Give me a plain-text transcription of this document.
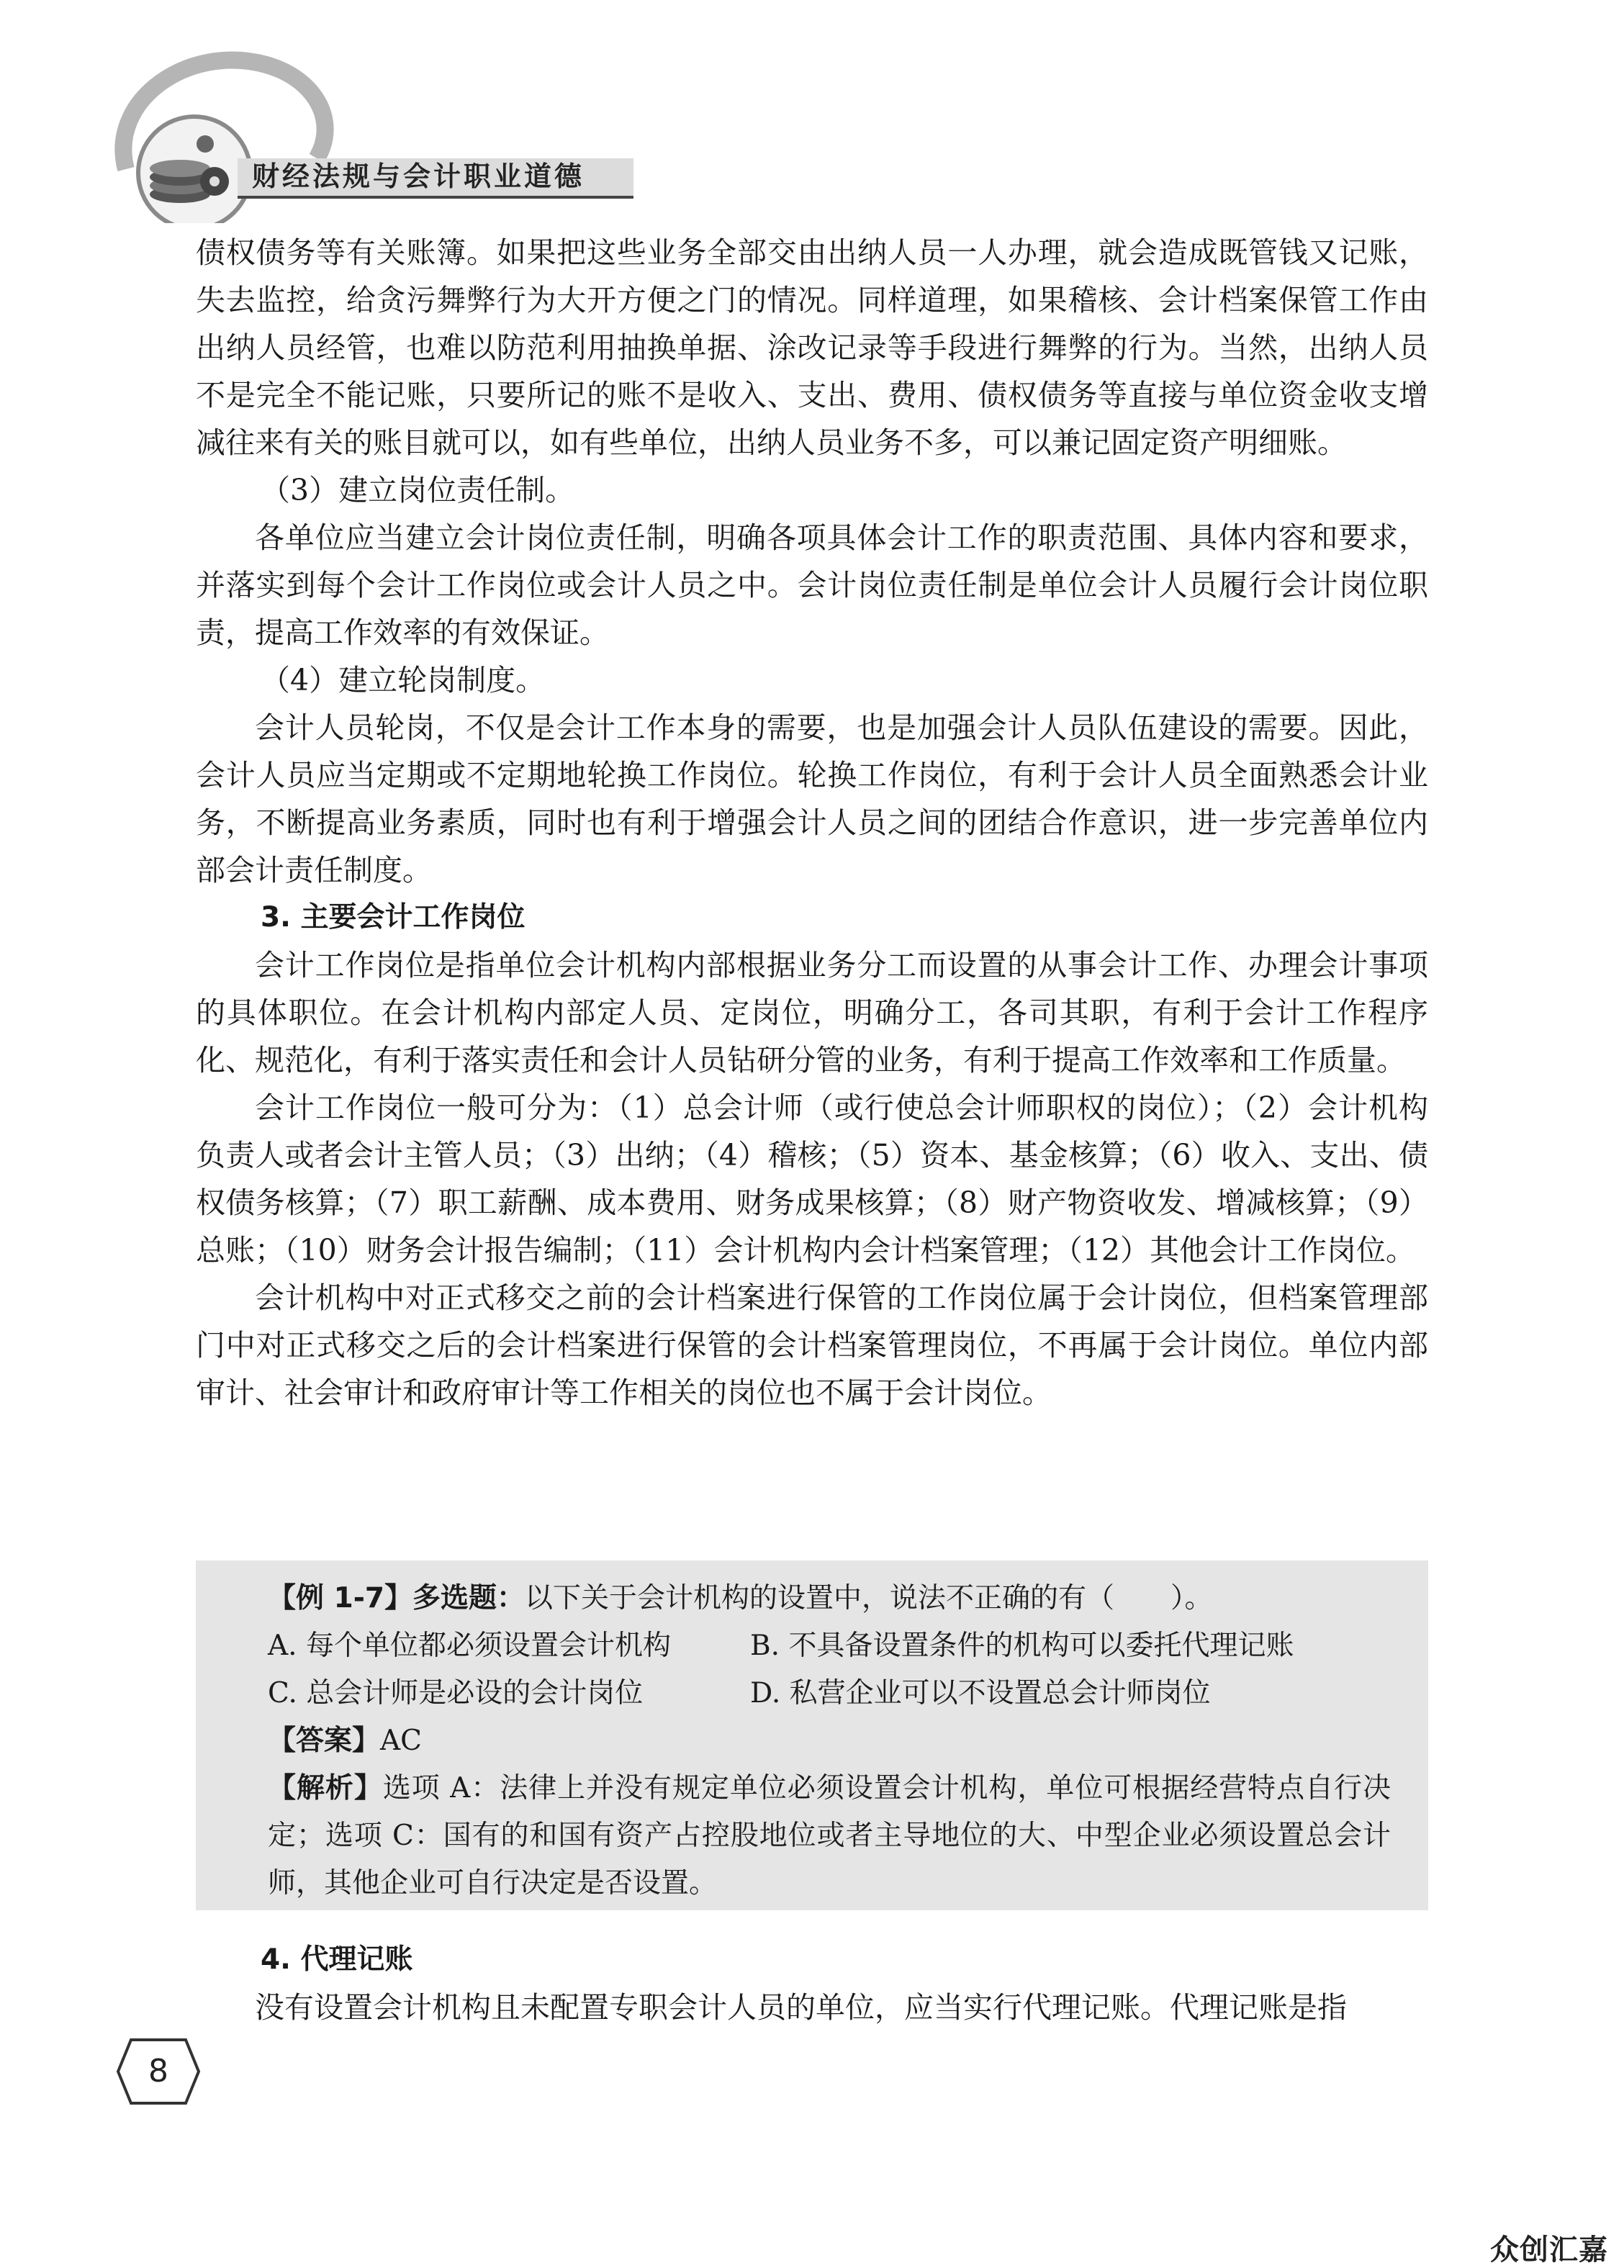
财经法规与会计职业道德

债权债务等有关账簿。如果把这些业务全部交由出纳人员一人办理，就会造成既管钱又记账，失去监控，给贪污舞弊行为大开方便之门的情况。同样道理，如果稽核、会计档案保管工作由出纳人员经管，也难以防范利用抽换单据、涂改记录等手段进行舞弊的行为。当然，出纳人员不是完全不能记账，只要所记的账不是收入、支出、费用、债权债务等直接与单位资金收支增减往来有关的账目就可以，如有些单位，出纳人员业务不多，可以兼记固定资产明细账。

（3）建立岗位责任制。

各单位应当建立会计岗位责任制，明确各项具体会计工作的职责范围、具体内容和要求，并落实到每个会计工作岗位或会计人员之中。会计岗位责任制是单位会计人员履行会计岗位职责，提高工作效率的有效保证。

（4）建立轮岗制度。

会计人员轮岗，不仅是会计工作本身的需要，也是加强会计人员队伍建设的需要。因此，会计人员应当定期或不定期地轮换工作岗位。轮换工作岗位，有利于会计人员全面熟悉会计业务，不断提高业务素质，同时也有利于增强会计人员之间的团结合作意识，进一步完善单位内部会计责任制度。

3. 主要会计工作岗位

会计工作岗位是指单位会计机构内部根据业务分工而设置的从事会计工作、办理会计事项的具体职位。在会计机构内部定人员、定岗位，明确分工，各司其职，有利于会计工作程序化、规范化，有利于落实责任和会计人员钻研分管的业务，有利于提高工作效率和工作质量。

会计工作岗位一般可分为：（1）总会计师（或行使总会计师职权的岗位）；（2）会计机构负责人或者会计主管人员；（3）出纳；（4）稽核；（5）资本、基金核算；（6）收入、支出、债权债务核算；（7）职工薪酬、成本费用、财务成果核算；（8）财产物资收发、增减核算；（9）总账；（10）财务会计报告编制；（11）会计机构内会计档案管理；（12）其他会计工作岗位。

会计机构中对正式移交之前的会计档案进行保管的工作岗位属于会计岗位，但档案管理部门中对正式移交之后的会计档案进行保管的会计档案管理岗位，不再属于会计岗位。单位内部审计、社会审计和政府审计等工作相关的岗位也不属于会计岗位。

【例 1-7】多选题：以下关于会计机构的设置中，说法不正确的有（　　）。

A. 每个单位都必须设置会计机构	B. 不具备设置条件的机构可以委托代理记账

C. 总会计师是必设的会计岗位	D. 私营企业可以不设置总会计师岗位

【答案】AC

【解析】选项 A：法律上并没有规定单位必须设置会计机构，单位可根据经营特点自行决定；选项 C：国有的和国有资产占控股地位或者主导地位的大、中型企业必须设置总会计师，其他企业可自行决定是否设置。

4. 代理记账

没有设置会计机构且未配置专职会计人员的单位，应当实行代理记账。代理记账是指

8
众创汇嘉
